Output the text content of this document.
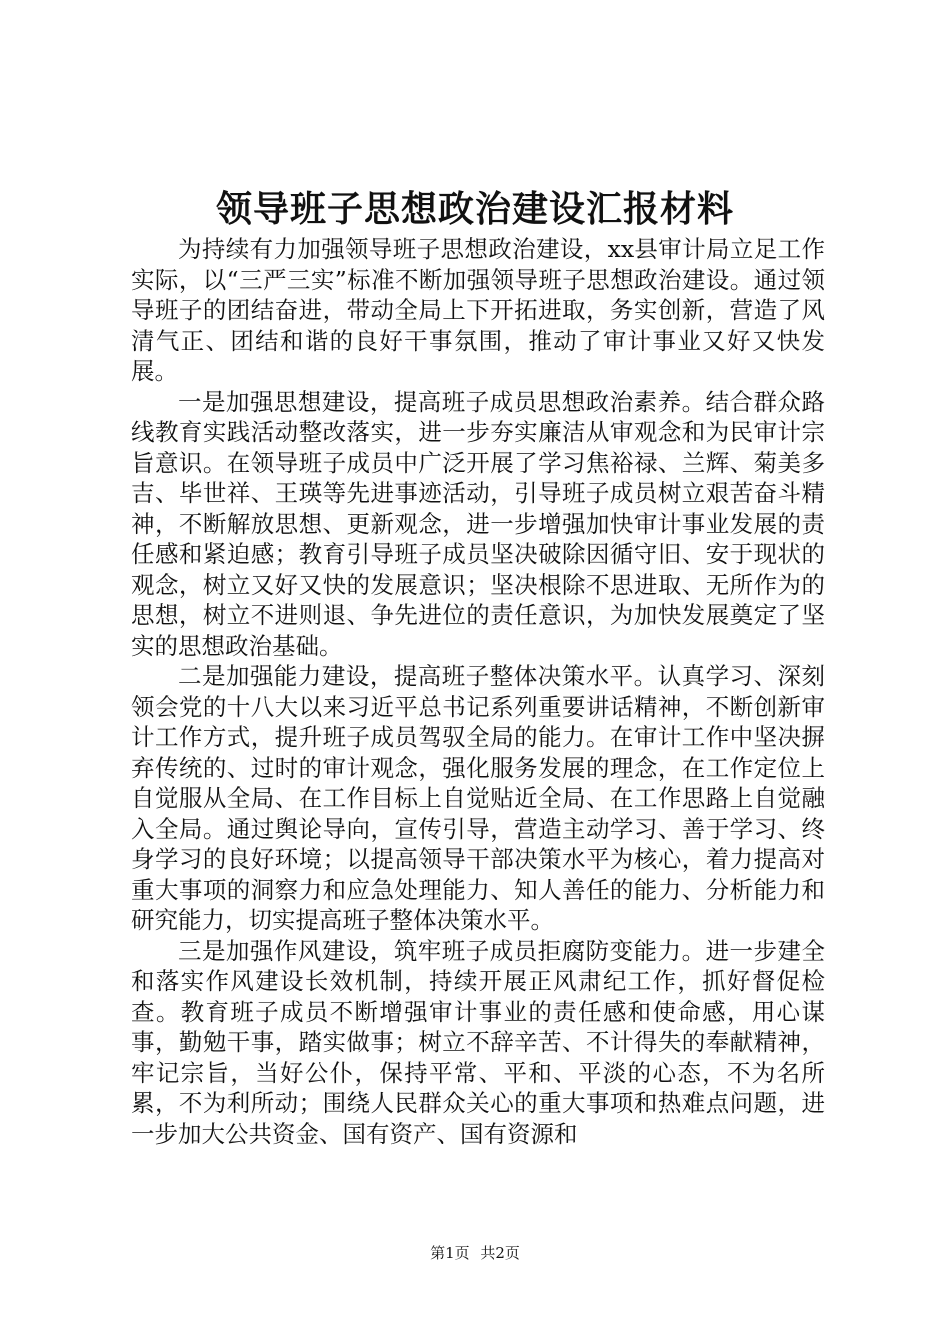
领导班子思想政治建设汇报材料

为持续有力加强领导班子思想政治建设，xx县审计局立足工作实际，以“三严三实”标准不断加强领导班子思想政治建设。通过领导班子的团结奋进，带动全局上下开拓进取，务实创新，营造了风清气正、团结和谐的良好干事氛围，推动了审计事业又好又快发展。

一是加强思想建设，提高班子成员思想政治素养。结合群众路线教育实践活动整改落实，进一步夯实廉洁从审观念和为民审计宗旨意识。在领导班子成员中广泛开展了学习焦裕禄、兰辉、菊美多吉、毕世祥、王瑛等先进事迹活动，引导班子成员树立艰苦奋斗精神，不断解放思想、更新观念，进一步增强加快审计事业发展的责任感和紧迫感；教育引导班子成员坚决破除因循守旧、安于现状的观念，树立又好又快的发展意识；坚决根除不思进取、无所作为的思想，树立不进则退、争先进位的责任意识，为加快发展奠定了坚实的思想政治基础。

二是加强能力建设，提高班子整体决策水平。认真学习、深刻领会党的十八大以来习近平总书记系列重要讲话精神，不断创新审计工作方式，提升班子成员驾驭全局的能力。在审计工作中坚决摒弃传统的、过时的审计观念，强化服务发展的理念，在工作定位上自觉服从全局、在工作目标上自觉贴近全局、在工作思路上自觉融入全局。通过舆论导向，宣传引导，营造主动学习、善于学习、终身学习的良好环境；以提高领导干部决策水平为核心，着力提高对重大事项的洞察力和应急处理能力、知人善任的能力、分析能力和研究能力，切实提高班子整体决策水平。

三是加强作风建设，筑牢班子成员拒腐防变能力。进一步建全和落实作风建设长效机制，持续开展正风肃纪工作，抓好督促检查。教育班子成员不断增强审计事业的责任感和使命感，用心谋事，勤勉干事，踏实做事；树立不辞辛苦、不计得失的奉献精神，牢记宗旨，当好公仆，保持平常、平和、平淡的心态，不为名所累，不为利所动；围绕人民群众关心的重大事项和热难点问题，进一步加大公共资金、国有资产、国有资源和

第1页 共2页
